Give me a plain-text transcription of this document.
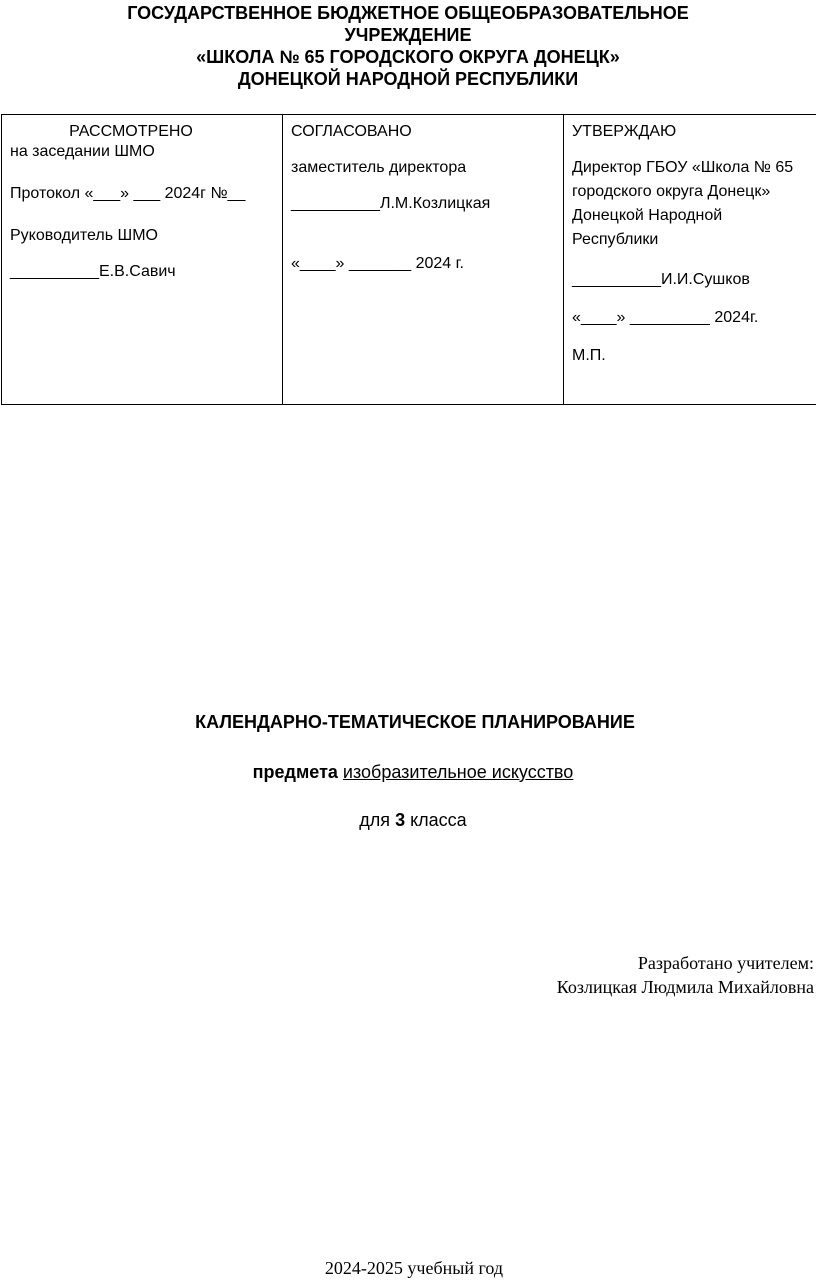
ГОСУДАРСТВЕННОЕ БЮДЖЕТНОЕ ОБЩЕОБРАЗОВАТЕЛЬНОЕ
УЧРЕЖДЕНИЕ
«ШКОЛА № 65 ГОРОДСКОГО ОКРУГА ДОНЕЦК»
ДОНЕЦКОЙ НАРОДНОЙ РЕСПУБЛИКИ
РАССМОТРЕНО
на заседании ШМО
Протокол «___» ___ 2024г №__
Руководитель ШМО
__________Е.В.Савич

СОГЛАСОВАНО
заместитель директора
__________Л.М.Козлицкая
«____» _______ 2024 г.

УТВЕРЖДАЮ
Директор ГБОУ «Школа № 65
городского округа Донецк»
Донецкой Народной
Республики
__________И.И.Сушков
«____» _________ 2024г.
М.П.
КАЛЕНДАРНО-ТЕМАТИЧЕСКОЕ ПЛАНИРОВАНИЕ
предмета изобразительное искусство
для 3 класса
Разработано учителем:
Козлицкая Людмила Михайловна
2024-2025 учебный год
